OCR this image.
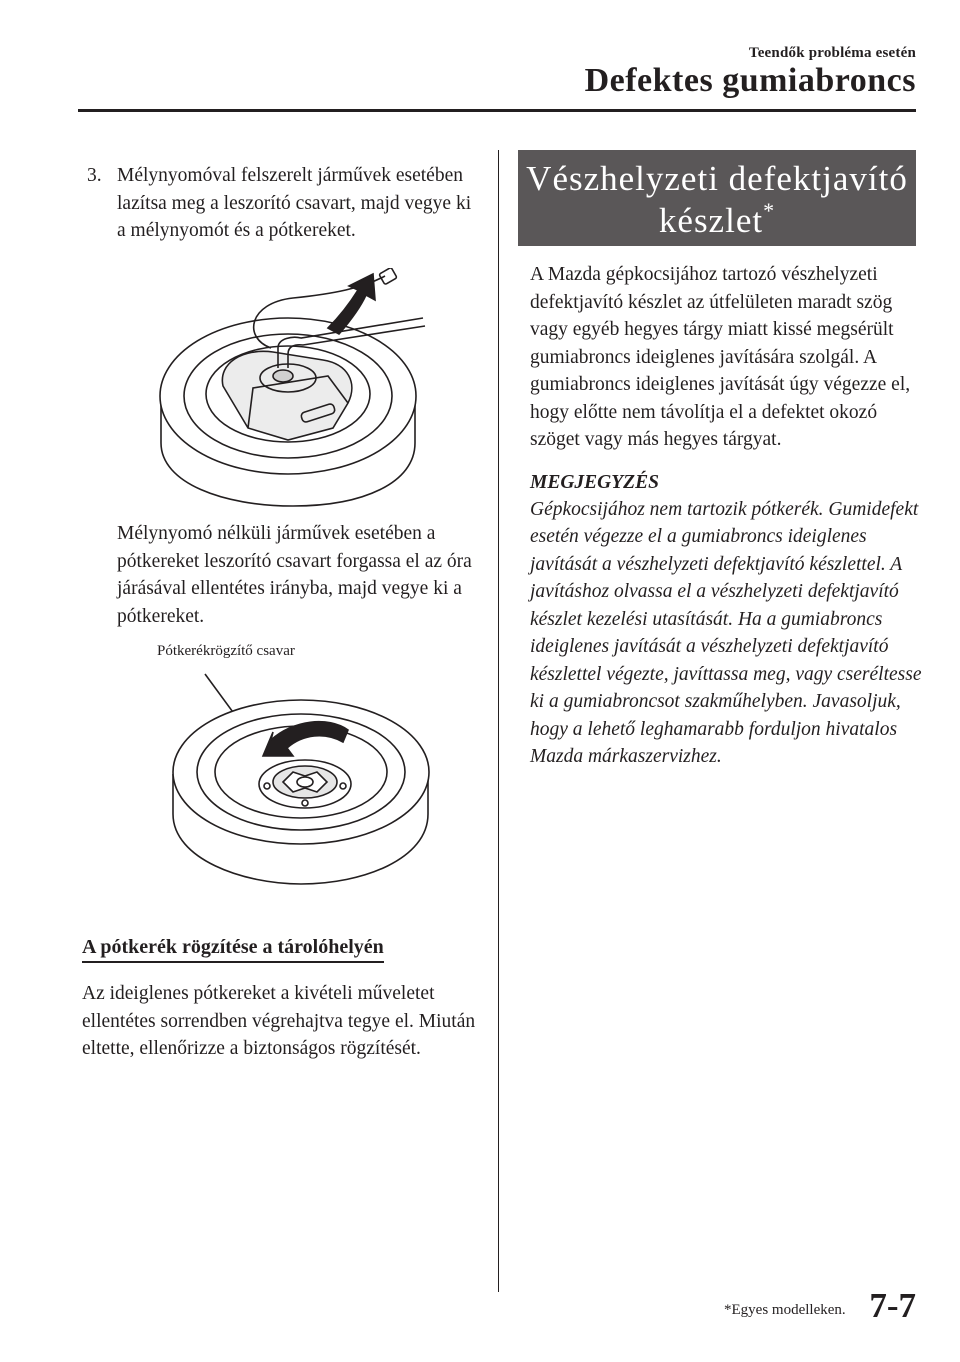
Teendők probléma esetén
Defektes gumiabroncs
3. Mélynyomóval felszerelt járművek esetében lazítsa meg a leszorító csavart, majd vegye ki a mélynyomót és a pótkereket.
Mélynyomó nélküli járművek esetében a pótkereket leszorító csavart forgassa el az óra járásával ellentétes irányba, majd vegye ki a pótkereket.
Pótkerékrögzítő csavar
A pótkerék rögzítése a tárolóhelyén
Az ideiglenes pótkereket a kivételi műveletet ellentétes sorrendben végrehajtva tegye el. Miután eltette, ellenőrizze a biztonságos rögzítését.
Vészhelyzeti defektjavító
készlet*

A Mazda gépkocsijához tartozó vészhelyzeti defektjavító készlet az útfelületen maradt szög vagy egyéb hegyes tárgy miatt kissé megsérült gumiabroncs ideiglenes javítására szolgál. A gumiabroncs ideiglenes javítását úgy végezze el, hogy előtte nem távolítja el a defektet okozó szöget vagy más hegyes tárgyat.

MEGJEGYZÉS

Gépkocsijához nem tartozik pótkerék. Gumidefekt esetén végezze el a gumiabroncs ideiglenes javítását a vészhelyzeti defektjavító készlettel. A javításhoz olvassa el a vészhelyzeti defektjavító készlet kezelési utasítását. Ha a gumiabroncs ideiglenes javítását a vészhelyzeti defektjavító készlettel végezte, javíttassa meg, vagy cseréltesse ki a gumiabroncsot szakműhelyben. Javasoljuk, hogy a lehető leghamarabb forduljon hivatalos Mazda márkaszervizhez.

*Egyes modelleken. 7-7
